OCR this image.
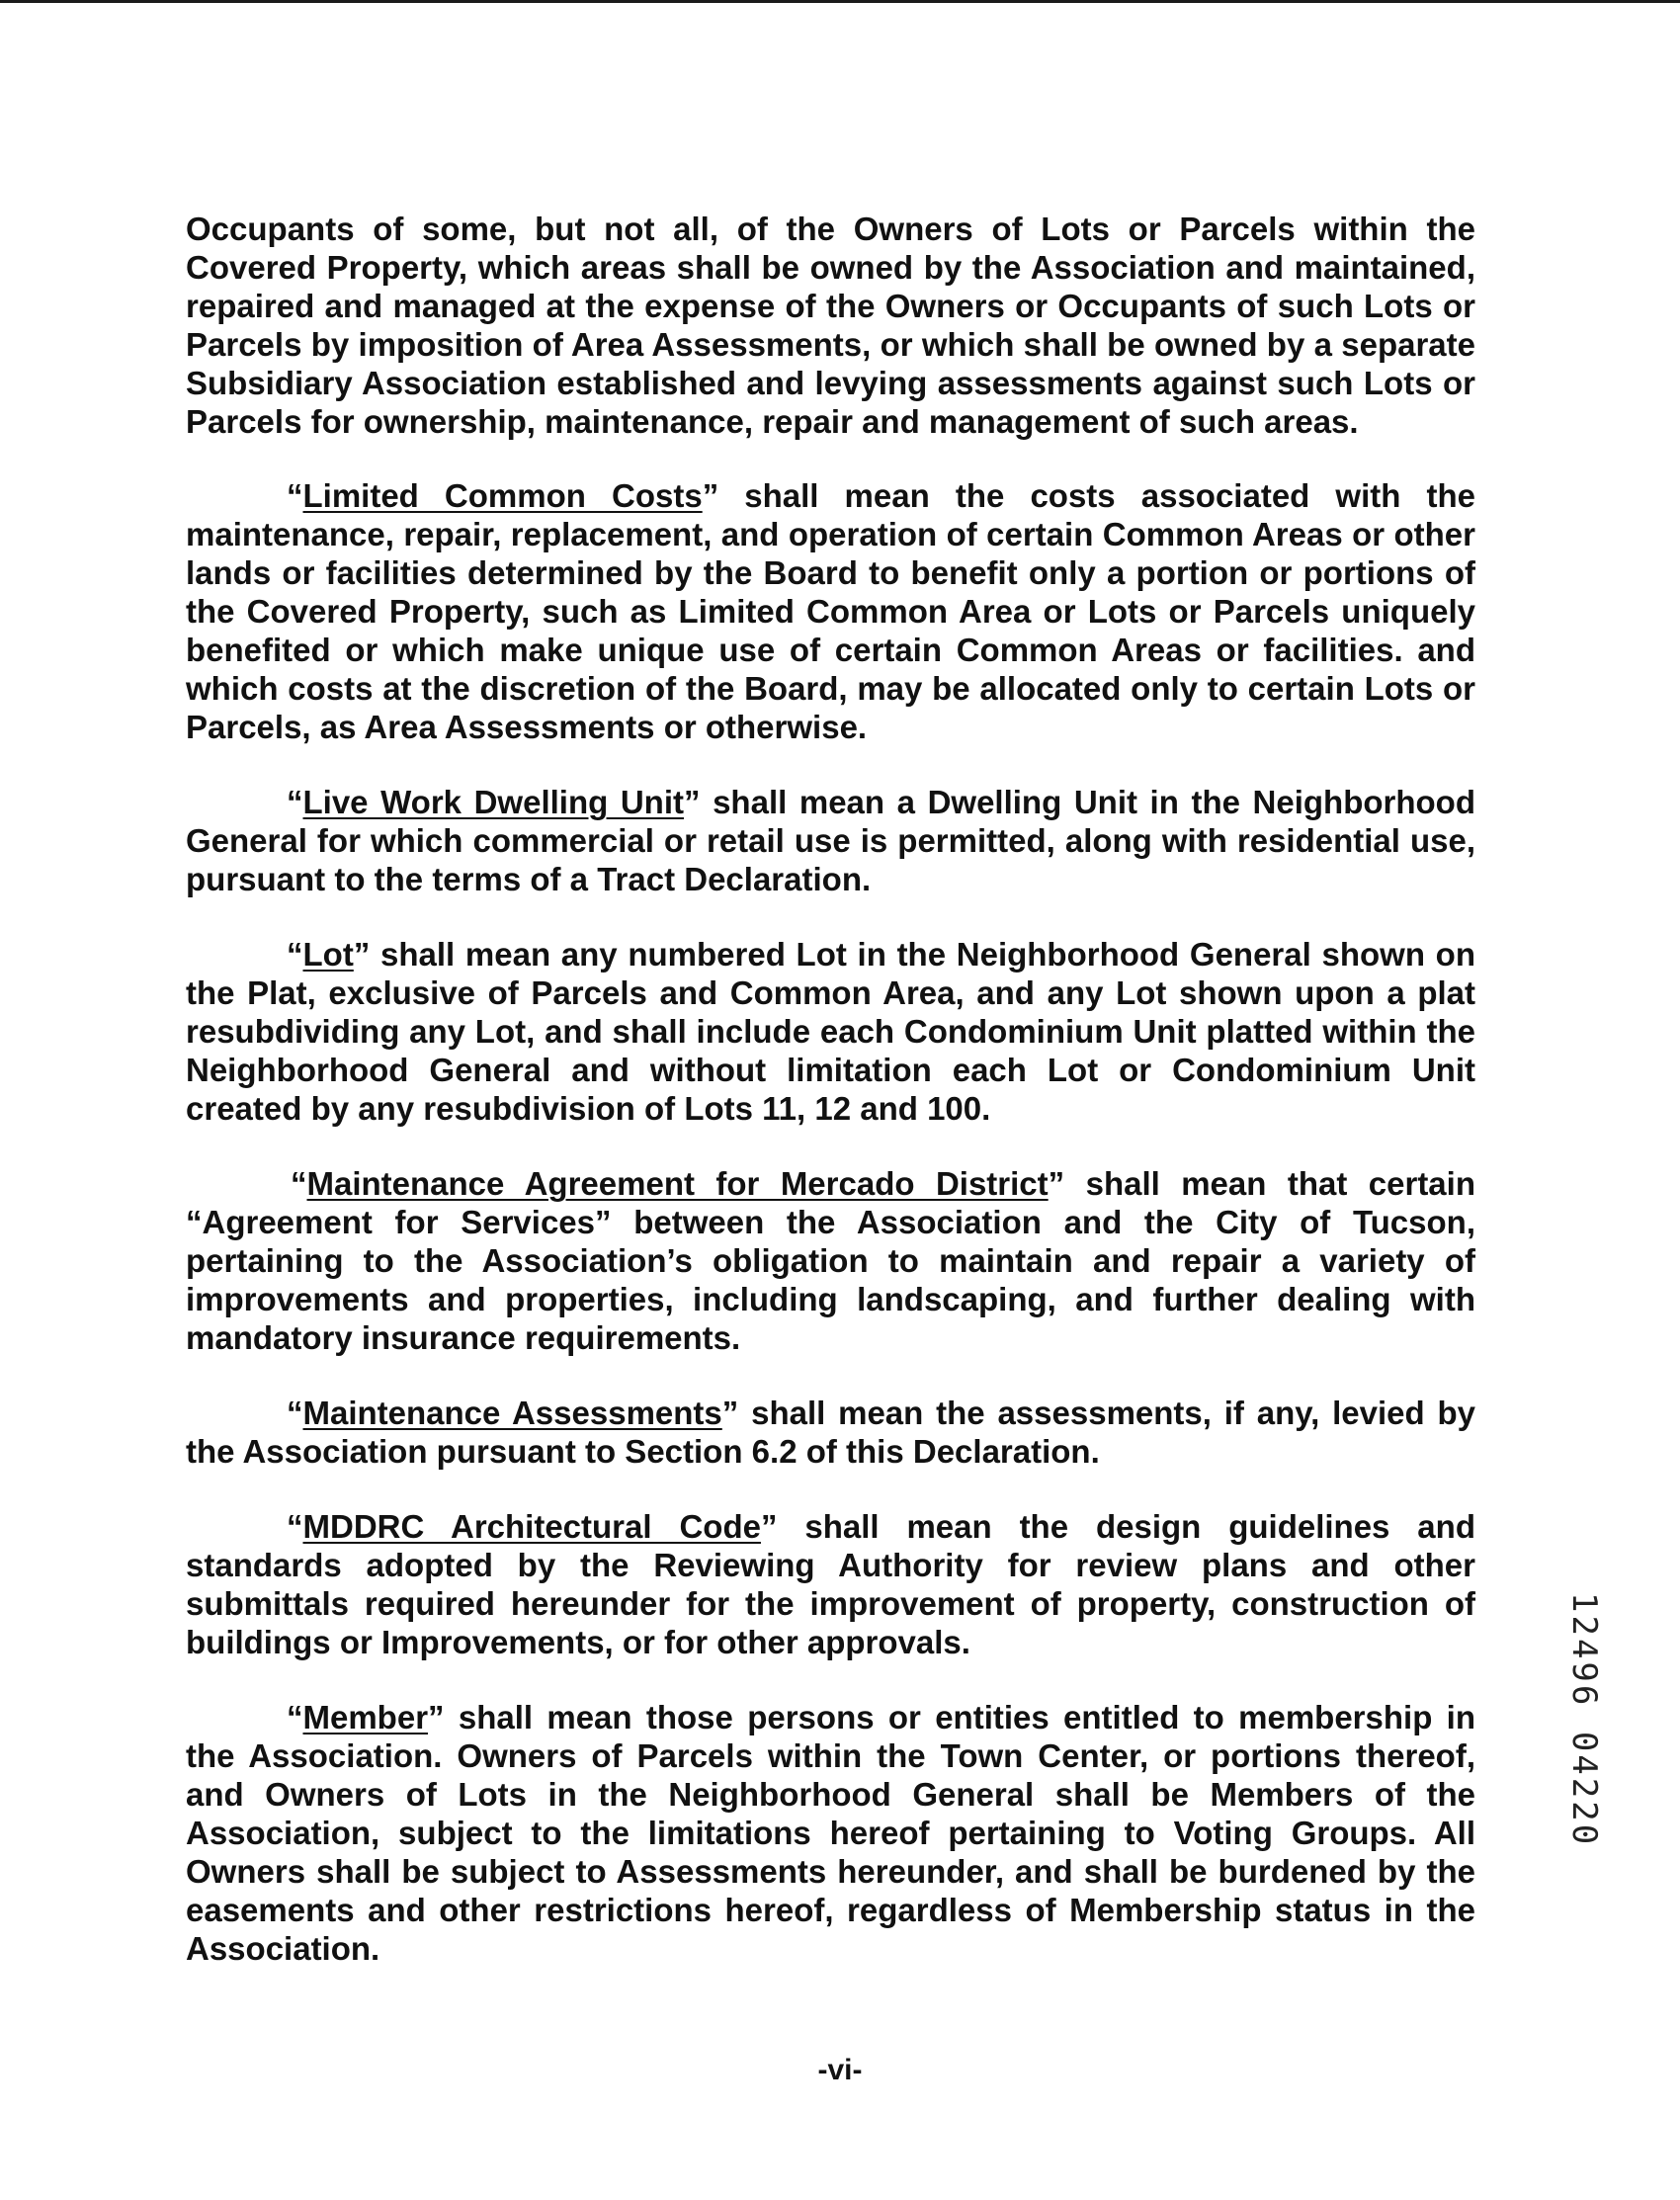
Occupants of some, but not all, of the Owners of Lots or Parcels within the Covered Property, which areas shall be owned by the Association and maintained, repaired and managed at the expense of the Owners or Occupants of such Lots or Parcels by imposition of Area Assessments, or which shall be owned by a separate Subsidiary Association established and levying assessments against such Lots or Parcels for ownership, maintenance, repair and management of such areas.

“Limited Common Costs” shall mean the costs associated with the maintenance, repair, replacement, and operation of certain Common Areas or other lands or facilities determined by the Board to benefit only a portion or portions of the Covered Property, such as Limited Common Area or Lots or Parcels uniquely benefited or which make unique use of certain Common Areas or facilities. and which costs at the discretion of the Board, may be allocated only to certain Lots or Parcels, as Area Assessments or otherwise.

“Live Work Dwelling Unit” shall mean a Dwelling Unit in the Neighborhood General for which commercial or retail use is permitted, along with residential use, pursuant to the terms of a Tract Declaration.

“Lot” shall mean any numbered Lot in the Neighborhood General shown on the Plat, exclusive of Parcels and Common Area, and any Lot shown upon a plat resubdividing any Lot, and shall include each Condominium Unit platted within the Neighborhood General and without limitation each Lot or Condominium Unit created by any resubdivision of Lots 11, 12 and 100.

“Maintenance Agreement for Mercado District” shall mean that certain “Agreement for Services” between the Association and the City of Tucson, pertaining to the Association’s obligation to maintain and repair a variety of improvements and properties, including landscaping, and further dealing with mandatory insurance requirements.

“Maintenance Assessments” shall mean the assessments, if any, levied by the Association pursuant to Section 6.2 of this Declaration.

“MDDRC Architectural Code” shall mean the design guidelines and standards adopted by the Reviewing Authority for review plans and other submittals required hereunder for the improvement of property, construction of buildings or Improvements, or for other approvals.

“Member” shall mean those persons or entities entitled to membership in the Association. Owners of Parcels within the Town Center, or portions thereof, and Owners of Lots in the Neighborhood General shall be Members of the Association, subject to the limitations hereof pertaining to Voting Groups. All Owners shall be subject to Assessments hereunder, and shall be burdened by the easements and other restrictions hereof, regardless of Membership status in the Association.

-vi-
12496 04220
